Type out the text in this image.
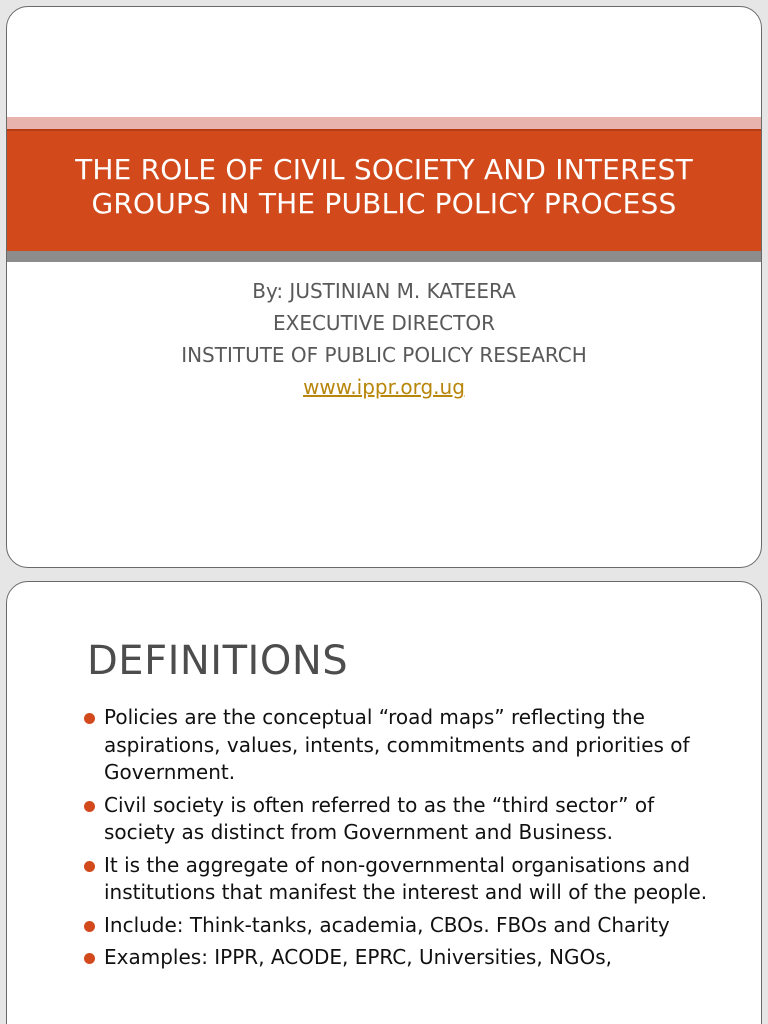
THE ROLE OF CIVIL SOCIETY AND INTEREST
GROUPS IN THE PUBLIC POLICY PROCESS
By: JUSTINIAN M. KATEERA
EXECUTIVE DIRECTOR
INSTITUTE OF PUBLIC POLICY RESEARCH
www.ippr.org.ug
DEFINITIONS
Policies are the conceptual “road maps” reflecting the aspirations, values, intents, commitments and priorities of Government.
Civil society is often referred to as the “third sector” of society as distinct from Government and Business.
It is the aggregate of non-governmental organisations and institutions that manifest the interest and will of the people.
Include: Think-tanks, academia, CBOs. FBOs and Charity
Examples: IPPR, ACODE, EPRC, Universities, NGOs,
